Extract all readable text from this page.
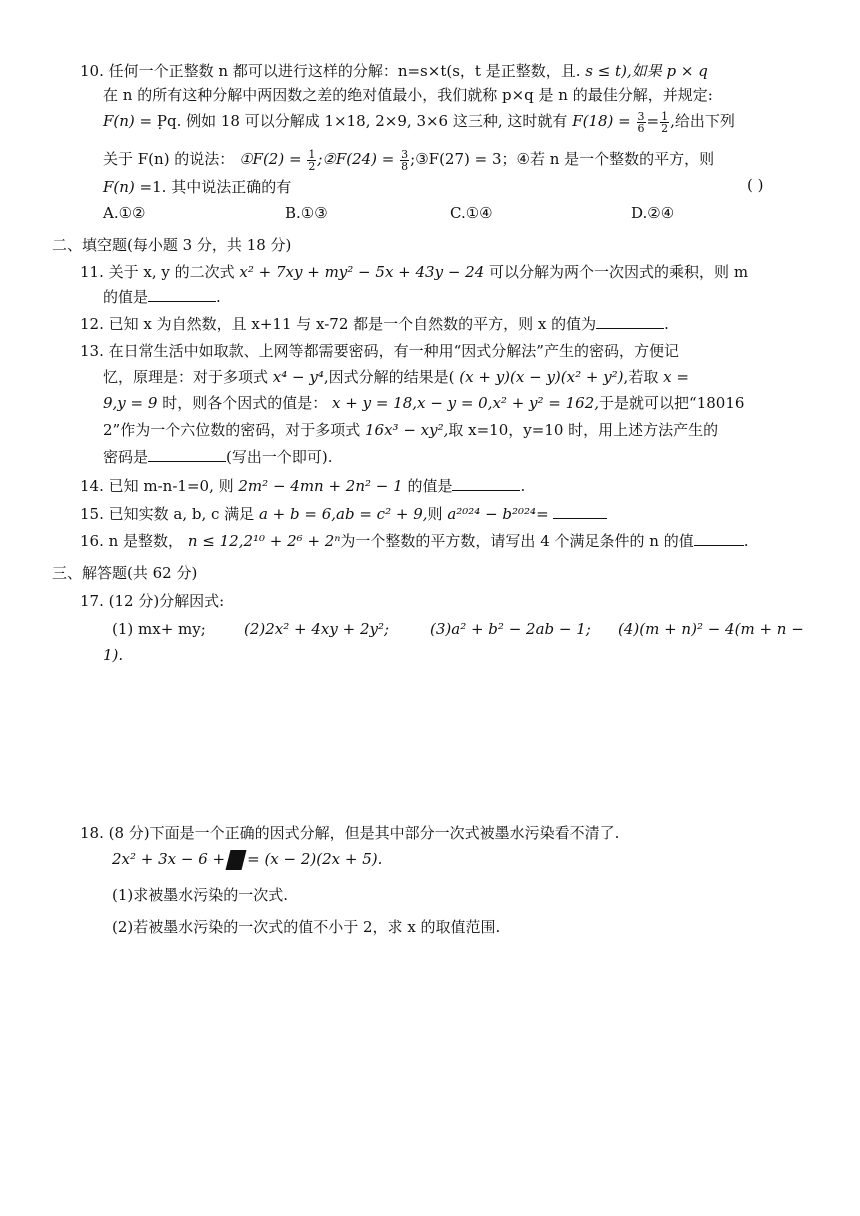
10. 任何一个正整数 n 都可以进行这样的分解：n=s×t(s，t 是正整数，且. s ≤ t),如果 p × q
在 n 的所有这种分解中两因数之差的绝对值最小，我们就称 p×q 是 n 的最佳分解，并规定:
F(n) = P̣q. 例如 18 可以分解成 1×18, 2×9, 3×6 这三种, 这时就有 $F(18) = \frac{3}{6} = \frac{1}{2}$ ,给出下列
关于 F(n) 的说法： ①F(2) = $\frac{1}{2}$ ;②F(24) = $\frac{3}{8}$ ;③F(27) = 3；④若 n 是一个整数的平方，则
F(n) =1. 其中说法正确的有	( )
A.①②	B.①③	C.①④	D.②④
二、填空题(每小题 3 分，共 18 分)
11. 关于 x, y 的二次式 x² + 7xy + my² − 5x + 43y − 24 可以分解为两个一次因式的乘积，则 m
的值是	.
12. 已知 x 为自然数，且 x+11 与 x-72 都是一个自然数的平方，则 x 的值为	.
13. 在日常生活中如取款、上网等都需要密码，有一种用“因式分解法”产生的密码，方便记
忆，原理是：对于多项式 x⁴ − y⁴,因式分解的结果是( (x + y)(x − y)(x² + y²),若取 x =
9,y = 9 时，则各个因式的值是： x + y = 18,x − y = 0,x² + y² = 162,于是就可以把“18016
2”作为一个六位数的密码，对于多项式 16x³ − xy²,取 x=10，y=10 时，用上述方法产生的
密码是	(写出一个即可).
14. 已知 m-n-1=0, 则 2m² − 4mn + 2n² − 1 的值是	.
15. 已知实数 a, b, c 满足 a + b = 6,ab = c² + 9,则 a²⁰²⁴ − b²⁰²⁴=
16. n 是整数， n ≤ 12,2¹⁰ + 2⁶ + 2ⁿ为一个整数的平方数，请写出 4 个满足条件的 n 的值	.
三、解答题(共 62 分)
17. (12 分)分解因式:
(1) mx+ my;	(2)2x² + 4xy + 2y²;	(3)a² + b² − 2ab − 1; (4)(m + n)² − 4(m + n −
1).
18. (8 分)下面是一个正确的因式分解，但是其中部分一次式被墨水污染看不清了.
2x² + 3x − 6 + = (x − 2)(2x + 5).
(1)求被墨水污染的一次式.
(2)若被墨水污染的一次式的值不小于 2，求 x 的取值范围.
